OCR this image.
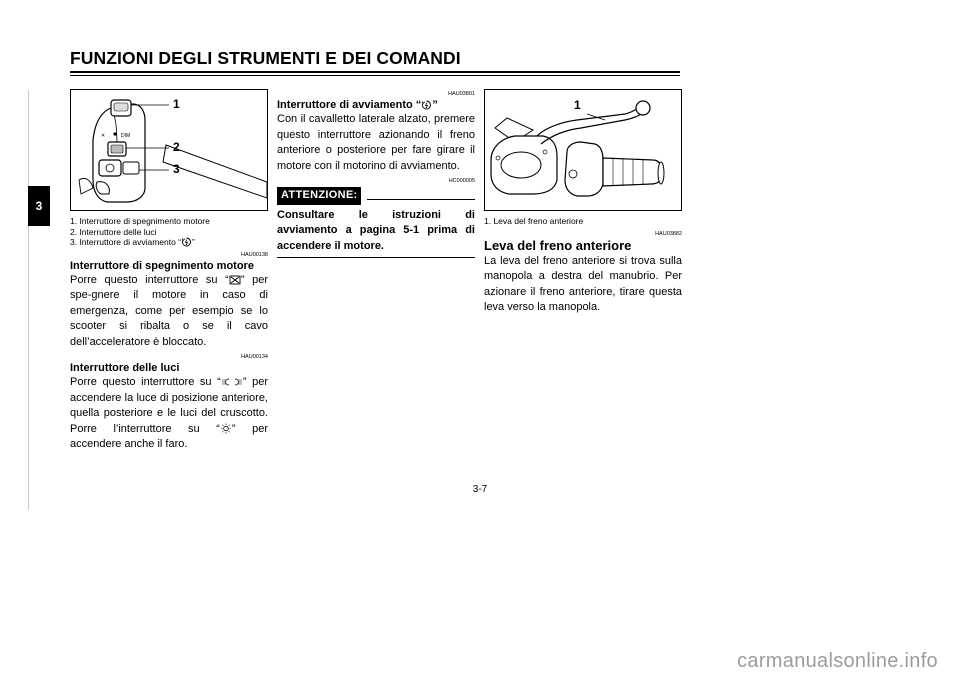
FUNZIONI DEGLI STRUMENTI E DEI COMANDI
3
DIM
✕
1
2
3
1. Interruttore di spegnimento motore
2. Interruttore delle luci
3. Interruttore di avviamento “ ”
HAU00138
Interruttore di spegnimento motore
Porre questo interruttore su “ ” per spe-gnere il motore in caso di emergenza, come per esempio se lo scooter si ribalta o se il cavo dell’acceleratore è bloccato.
HAU00134
Interruttore delle luci
Porre questo interruttore su “ ” per accendere la luce di posizione anteriore, quella posteriore e le luci del cruscotto. Porre l’interruttore su “ ” per accendere anche il faro.
HAU03801
Interruttore di avviamento “ ”
Con il cavalletto laterale alzato, premere questo interruttore azionando il freno anteriore o posteriore per fare girare il motore con il motorino di avviamento.
HC000005
ATTENZIONE:
Consultare le istruzioni di avviamento a pagina 5-1 prima di accendere il motore.
1
1. Leva del freno anteriore
HAU03882
Leva del freno anteriore
La leva del freno anteriore si trova sulla manopola a destra del manubrio. Per azionare il freno anteriore, tirare questa leva verso la manopola.
3-7
carmanualsonline.info
